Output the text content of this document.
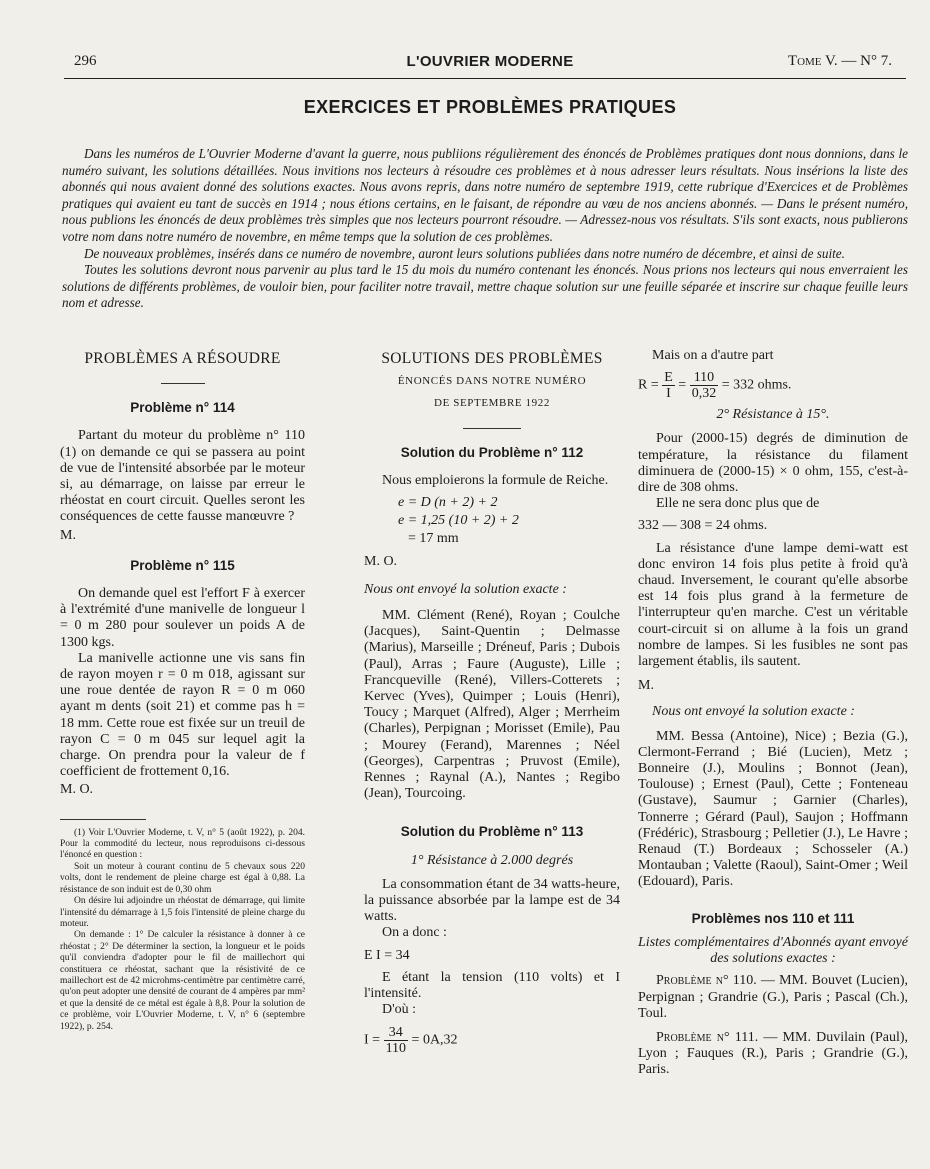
296	L'OUVRIER MODERNE	Tome V. — N° 7.
EXERCICES ET PROBLÈMES PRATIQUES

Dans les numéros de L'Ouvrier Moderne d'avant la guerre, nous publiions régulièrement des énoncés de Problèmes pratiques dont nous donnions, dans le numéro suivant, les solutions détaillées. Nous invitions nos lecteurs à résoudre ces problèmes et à nous adresser leurs résultats. Nous insérions la liste des abonnés qui nous avaient donné des solutions exactes. Nous avons repris, dans notre numéro de septembre 1919, cette rubrique d'Exercices et de Problèmes pratiques qui avaient eu tant de succès en 1914 ; nous étions certains, en le faisant, de répondre au vœu de nos anciens abonnés. — Dans le présent numéro, nous publions les énoncés de deux problèmes très simples que nos lecteurs pourront résoudre. — Adressez-nous vos résultats. S'ils sont exacts, nous publierons votre nom dans notre numéro de novembre, en même temps que la solution de ces problèmes.

De nouveaux problèmes, insérés dans ce numéro de novembre, auront leurs solutions publiées dans notre numéro de décembre, et ainsi de suite.

Toutes les solutions devront nous parvenir au plus tard le 15 du mois du numéro contenant les énoncés. Nous prions nos lecteurs qui nous enverraient les solutions de différents problèmes, de vouloir bien, pour faciliter notre travail, mettre chaque solution sur une feuille séparée et inscrire sur chaque feuille leurs nom et adresse.

PROBLÈMES A RÉSOUDRE
Problème n° 114

Partant du moteur du problème n° 110 (1) on demande ce qui se passera au point de vue de l'intensité absorbée par le moteur si, au démarrage, on laisse par erreur le rhéostat en court circuit. Quelles seront les conséquences de cette fausse manœuvre ?

M.

Problème n° 115

On demande quel est l'effort F à exercer à l'extrémité d'une manivelle de longueur l = 0 m 280 pour soulever un poids A de 1300 kgs.

La manivelle actionne une vis sans fin de rayon moyen r = 0 m 018, agissant sur une roue dentée de rayon R = 0 m 060 ayant m dents (soit 21) et comme pas h = 18 mm. Cette roue est fixée sur un treuil de rayon C = 0 m 045 sur lequel agit la charge. On prendra pour la valeur de f coefficient de frottement 0,16.

M. O.

(1) Voir L'Ouvrier Moderne, t. V, n° 5 (août 1922), p. 204. Pour la commodité du lecteur, nous reproduisons ci-dessous l'énoncé en question :

Soit un moteur à courant continu de 5 chevaux sous 220 volts, dont le rendement de pleine charge est égal à 0,88. La résistance de son induit est de 0,30 ohm

On désire lui adjoindre un rhéostat de démarrage, qui limite l'intensité du démarrage à 1,5 fois l'intensité de pleine charge du moteur.

On demande : 1° De calculer la résistance à donner à ce rhéostat ; 2° De déterminer la section, la longueur et le poids qu'il conviendra d'adopter pour le fil de maillechort qui constituera ce rhéostat, sachant que la résistivité de ce maillechort est de 42 microhms-centimètre par centimètre carré, qu'on peut adopter une densité de courant de 4 ampères par mm² et que la densité de ce métal est égale à 8,8. Pour la solution de ce problème, voir L'Ouvrier Moderne, t. V, n° 6 (septembre 1922), p. 254.

SOLUTIONS DES PROBLÈMES
ÉNONCÉS DANS NOTRE NUMÉRO
DE SEPTEMBRE 1922
Solution du Problème n° 112

Nous emploierons la formule de Reiche.

e = D (n + 2) + 2

e = 1,25 (10 + 2) + 2

= 17 mm

M. O.

Nous ont envoyé la solution exacte :

MM. Clément (René), Royan ; Coulche (Jacques), Saint-Quentin ; Delmasse (Marius), Marseille ; Dréneuf, Paris ; Dubois (Paul), Arras ; Faure (Auguste), Lille ; Francqueville (René), Villers-Cotterets ; Kervec (Yves), Quimper ; Louis (Henri), Toucy ; Marquet (Alfred), Alger ; Merrheim (Charles), Perpignan ; Morisset (Emile), Pau ; Mourey (Ferand), Marennes ; Néel (Georges), Carpentras ; Pruvost (Emile), Rennes ; Raynal (A.), Nantes ; Regibo (Jean), Tourcoing.

Solution du Problème n° 113

1° Résistance à 2.000 degrés

La consommation étant de 34 watts-heure, la puissance absorbée par la lampe est de 34 watts.

On a donc :

E I = 34

E étant la tension (110 volts) et I l'intensité.

D'où :

$I = \frac{34}{110} = 0A,32$

Mais on a d'autre part

$R = \frac{E}{I} = \frac{110}{0,32} = 332$ ohms.

2° Résistance à 15°.

Pour (2000-15) degrés de diminution de température, la résistance du filament diminuera de (2000-15) × 0 ohm, 155, c'est-à-dire de 308 ohms.

Elle ne sera donc plus que de

332 — 308 = 24 ohms.

La résistance d'une lampe demi-watt est donc environ 14 fois plus petite à froid qu'à chaud. Inversement, le courant qu'elle absorbe est 14 fois plus grand à la fermeture de l'interrupteur qu'en marche. C'est un véritable court-circuit si on allume à la fois un grand nombre de lampes. Si les fusibles ne sont pas largement établis, ils sautent.

M.

Nous ont envoyé la solution exacte :

MM. Bessa (Antoine), Nice) ; Bezia (G.), Clermont-Ferrand ; Bié (Lucien), Metz ; Bonneire (J.), Moulins ; Bonnot (Jean), Toulouse) ; Ernest (Paul), Cette ; Fonteneau (Gustave), Saumur ; Garnier (Charles), Tonnerre ; Gérard (Paul), Saujon ; Hoffmann (Frédéric), Strasbourg ; Pelletier (J.), Le Havre ; Renaud (T.) Bordeaux ; Schosseler (A.) Montauban ; Valette (Raoul), Saint-Omer ; Weil (Edouard), Paris.

Problèmes nos 110 et 111

Listes complémentaires d'Abonnés ayant envoyé des solutions exactes :

Problème n° 110. — MM. Bouvet (Lucien), Perpignan ; Grandrie (G.), Paris ; Pascal (Ch.), Toul.

Problème n° 111. — MM. Duvilain (Paul), Lyon ; Fauques (R.), Paris ; Grandrie (G.), Paris.
